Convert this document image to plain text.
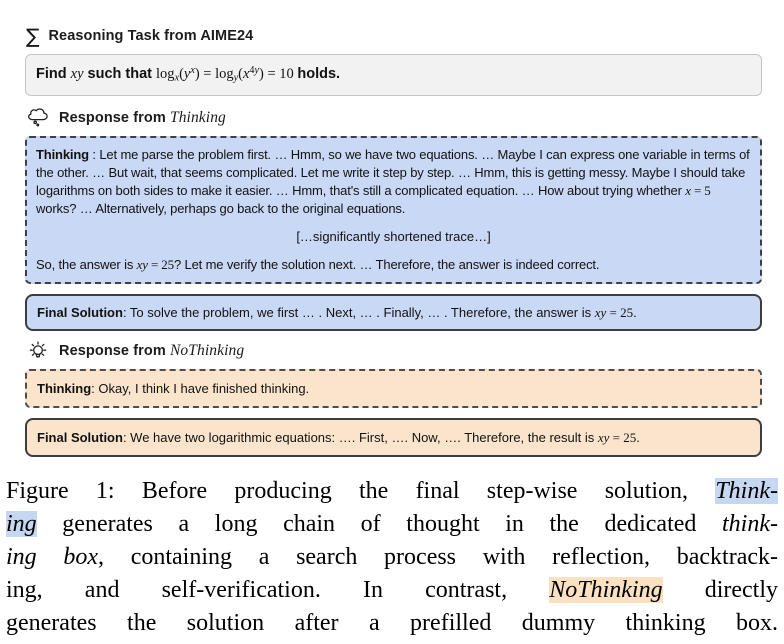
∑ Reasoning Task from AIME24
Find xy such that $\log x(y^x) = \log y(x^{4y}) = 10$ holds.
Response from Thinking

Thinking : Let me parse the problem first. … Hmm, so we have two equations. … Maybe I can express one variable in terms of the other. … But wait, that seems complicated. Let me write it step by step. … Hmm, this is getting messy. Maybe I should take logarithms on both sides to make it easier. … Hmm, that's still a complicated equation. … How about trying whether x = 5 works? … Alternatively, perhaps go back to the original equations.

[…significantly shortened trace…]

So, the answer is xy = 25? Let me verify the solution next. … Therefore, the answer is indeed correct.

Final Solution: To solve the problem, we first … . Next, … . Finally, … . Therefore, the answer is xy = 25.
Response from NoThinking
Thinking: Okay, I think I have finished thinking.
Final Solution: We have two logarithmic equations: …. First, …. Now, …. Therefore, the result is xy = 25.
Figure 1: Before producing the final step-wise solution, Think-
ing generates a long chain of thought in the dedicated think-
ing box, containing a search process with reflection, backtrack-
ing, and self-verification. In contrast, NoThinking directly
generates the solution after a prefilled dummy thinking box.
